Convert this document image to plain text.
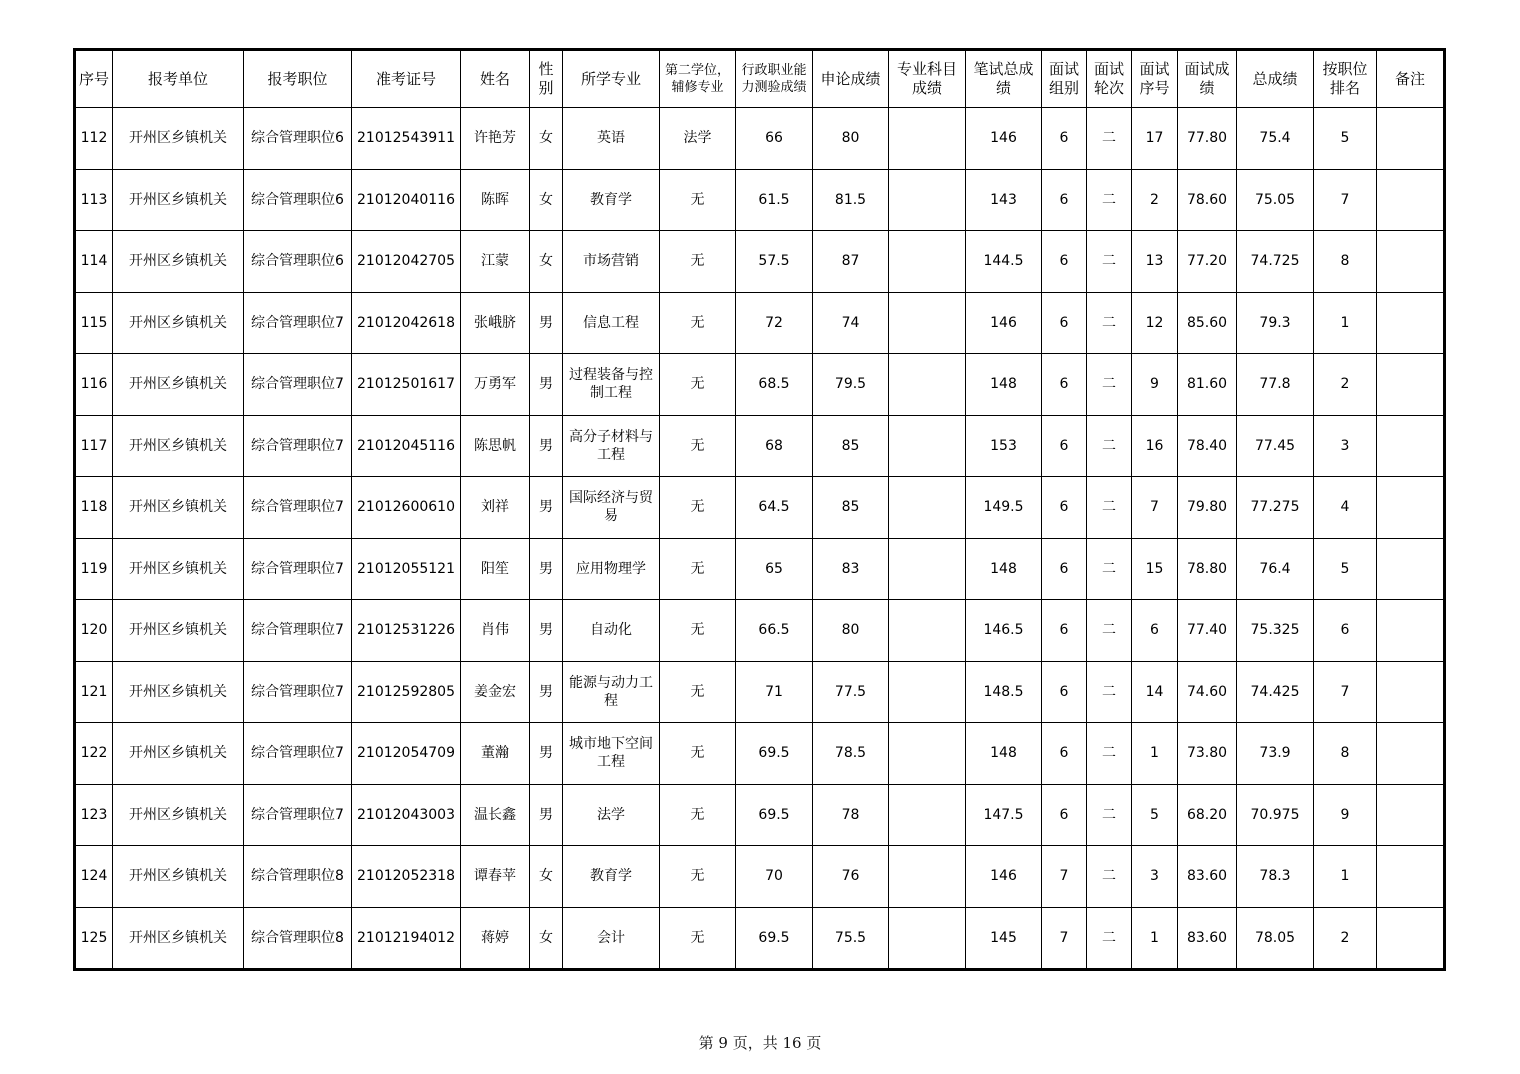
序号	报考单位	报考职位	准考证号	姓名	性别	所学专业	第二学位，辅修专业	行政职业能力测验成绩	申论成绩	专业科目成绩	笔试总成绩	面试组别	面试轮次	面试序号	面试成绩	总成绩	按职位排名	备注
112	开州区乡镇机关	综合管理职位6	21012543911	许艳芳	女	英语	法学	66	80		146	6	二	17	77.80	75.4	5	
113	开州区乡镇机关	综合管理职位6	21012040116	陈晖	女	教育学	无	61.5	81.5		143	6	二	2	78.60	75.05	7	
114	开州区乡镇机关	综合管理职位6	21012042705	江蒙	女	市场营销	无	57.5	87		144.5	6	二	13	77.20	74.725	8	
115	开州区乡镇机关	综合管理职位7	21012042618	张峨脐	男	信息工程	无	72	74		146	6	二	12	85.60	79.3	1	
116	开州区乡镇机关	综合管理职位7	21012501617	万勇军	男	过程装备与控制工程	无	68.5	79.5		148	6	二	9	81.60	77.8	2	
117	开州区乡镇机关	综合管理职位7	21012045116	陈思帆	男	高分子材料与工程	无	68	85		153	6	二	16	78.40	77.45	3	
118	开州区乡镇机关	综合管理职位7	21012600610	刘祥	男	国际经济与贸易	无	64.5	85		149.5	6	二	7	79.80	77.275	4	
119	开州区乡镇机关	综合管理职位7	21012055121	阳笙	男	应用物理学	无	65	83		148	6	二	15	78.80	76.4	5	
120	开州区乡镇机关	综合管理职位7	21012531226	肖伟	男	自动化	无	66.5	80		146.5	6	二	6	77.40	75.325	6	
121	开州区乡镇机关	综合管理职位7	21012592805	姜金宏	男	能源与动力工程	无	71	77.5		148.5	6	二	14	74.60	74.425	7	
122	开州区乡镇机关	综合管理职位7	21012054709	董瀚	男	城市地下空间工程	无	69.5	78.5		148	6	二	1	73.80	73.9	8	
123	开州区乡镇机关	综合管理职位7	21012043003	温长鑫	男	法学	无	69.5	78		147.5	6	二	5	68.20	70.975	9	
124	开州区乡镇机关	综合管理职位8	21012052318	谭春苹	女	教育学	无	70	76		146	7	二	3	83.60	78.3	1	
125	开州区乡镇机关	综合管理职位8	21012194012	蒋婷	女	会计	无	69.5	75.5		145	7	二	1	83.60	78.05	2	
第 9 页，共 16 页
